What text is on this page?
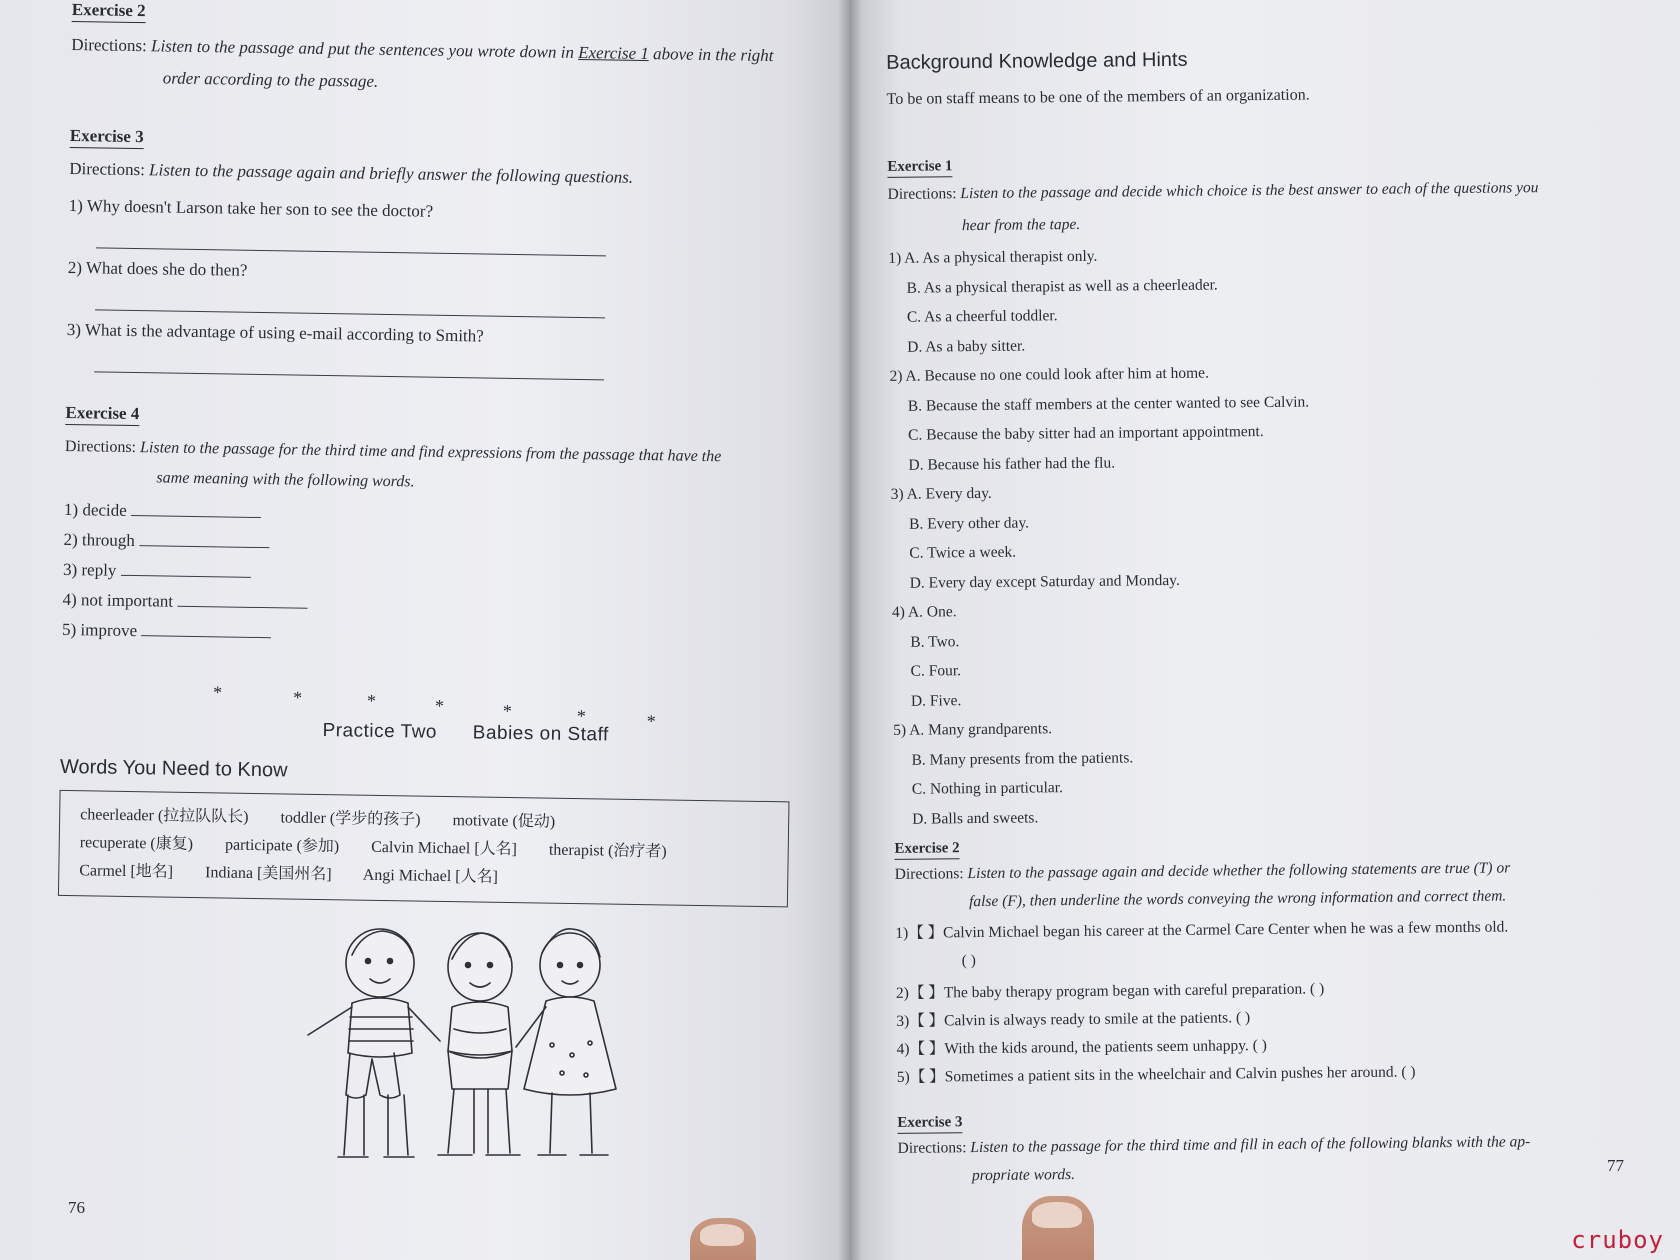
Exercise 2
Directions: Listen to the passage and put the sentences you wrote down in Exercise 1 above in the right
order according to the passage.
Exercise 3
Directions: Listen to the passage again and briefly answer the following questions.
1) Why doesn't Larson take her son to see the doctor?
2) What does she do then?
3) What is the advantage of using e-mail according to Smith?
Exercise 4
Directions: Listen to the passage for the third time and find expressions from the passage that have the
same meaning with the following words.
1) decide
2) through
3) reply
4) not important
5) improve
*	*	*	*	*	*	*
Practice Two Babies on Staff
Words You Need to Know
cheerleader (拉拉队队长) toddler (学步的孩子) motivate (促动)
recuperate (康复) participate (参加) Calvin Michael [人名] therapist (治疗者)
Carmel [地名] Indiana [美国州名] Angi Michael [人名]
76
Background Knowledge and Hints
To be on staff means to be one of the members of an organization.
Exercise 1
Directions: Listen to the passage and decide which choice is the best answer to each of the questions you
hear from the tape.
1) A. As a physical therapist only.
B. As a physical therapist as well as a cheerleader.
C. As a cheerful toddler.
D. As a baby sitter.
2) A. Because no one could look after him at home.
B. Because the staff members at the center wanted to see Calvin.
C. Because the baby sitter had an important appointment.
D. Because his father had the flu.
3) A. Every day.
B. Every other day.
C. Twice a week.
D. Every day except Saturday and Monday.
4) A. One.
B. Two.
C. Four.
D. Five.
5) A. Many grandparents.
B. Many presents from the patients.
C. Nothing in particular.
D. Balls and sweets.
Exercise 2
Directions: Listen to the passage again and decide whether the following statements are true (T) or
false (F), then underline the words conveying the wrong information and correct them.
1)【 】Calvin Michael began his career at the Carmel Care Center when he was a few months old.
( )
2)【 】The baby therapy program began with careful preparation. ( )
3)【 】Calvin is always ready to smile at the patients. ( )
4)【 】With the kids around, the patients seem unhappy. ( )
5)【 】Sometimes a patient sits in the wheelchair and Calvin pushes her around. ( )
Exercise 3
Directions: Listen to the passage for the third time and fill in each of the following blanks with the ap-
propriate words.
77
cruboy
